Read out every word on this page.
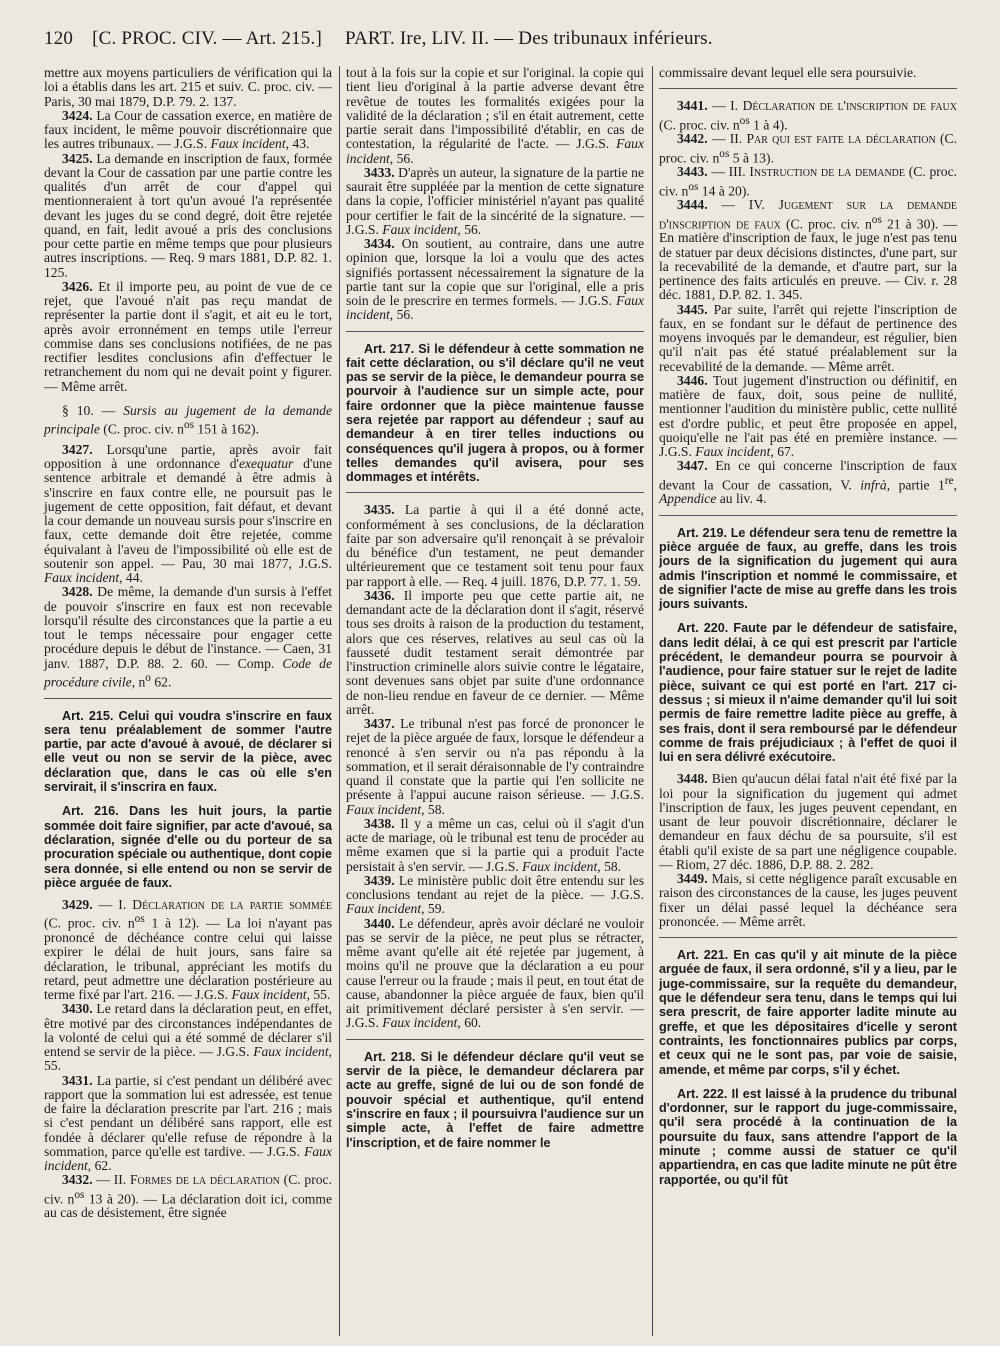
120 [C. PROC. CIV. — Art. 215.] PART. Ire, LIV. II. — Des tribunaux inférieurs.

mettre aux moyens particuliers de vérification qui la loi a établis dans les art. 215 et suiv. C. proc. civ. — Paris, 30 mai 1879, D.P. 79. 2. 137.

3424. La Cour de cassation exerce, en matière de faux incident, le même pouvoir discrétionnaire que les autres tribunaux. — J.G.S. Faux incident, 43.

3425. La demande en inscription de faux, formée devant la Cour de cassation par une partie contre les qualités d'un arrêt de cour d'appel qui mentionneraient à tort qu'un avoué l'a représentée devant les juges du se cond degré, doit être rejetée quand, en fait, ledit avoué a pris des conclusions pour cette partie en même temps que pour plusieurs autres inscriptions. — Req. 9 mars 1881, D.P. 82. 1. 125.

3426. Et il importe peu, au point de vue de ce rejet, que l'avoué n'ait pas reçu mandat de représenter la partie dont il s'agit, et ait eu le tort, après avoir erronnément en temps utile l'erreur commise dans ses conclusions notifiées, de ne pas rectifier lesdites conclusions afin d'effectuer le retranchement du nom qui ne devait point y figurer. — Même arrêt.

§ 10. — Sursis au jugement de la demande principale (C. proc. civ. $n^{os}$ 151 à 162).

3427. Lorsqu'une partie, après avoir fait opposition à une ordonnance d'exequatur d'une sentence arbitrale et demandé à être admis à s'inscrire en faux contre elle, ne poursuit pas le jugement de cette opposition, fait défaut, et devant la cour demande un nouveau sursis pour s'inscrire en faux, cette demande doit être rejetée, comme équivalant à l'aveu de l'impossibilité où elle est de soutenir son appel. — Pau, 30 mai 1877, J.G.S. Faux incident, 44.

3428. De même, la demande d'un sursis à l'effet de pouvoir s'inscrire en faux est non recevable lorsqu'il résulte des circonstances que la partie a eu tout le temps nécessaire pour engager cette procédure depuis le début de l'instance. — Caen, 31 janv. 1887, D.P. 88. 2. 60. — Comp. Code de procédure civile, $n^o$ 62.

Art. 215. Celui qui voudra s'inscrire en faux sera tenu préalablement de sommer l'autre partie, par acte d'avoué à avoué, de déclarer si elle veut ou non se servir de la pièce, avec déclaration que, dans le cas où elle s'en servirait, il s'inscrira en faux.

Art. 216. Dans les huit jours, la partie sommée doit faire signifier, par acte d'avoué, sa déclaration, signée d'elle ou du porteur de sa procuration spéciale ou authentique, dont copie sera donnée, si elle entend ou non se servir de pièce arguée de faux.

3429. — I. Déclaration de la partie sommée (C. proc. civ. $n^{os}$ 1 à 12). — La loi n'ayant pas prononcé de déchéance contre celui qui laisse expirer le délai de huit jours, sans faire sa déclaration, le tribunal, appréciant les motifs du retard, peut admettre une déclaration postérieure au terme fixé par l'art. 216. — J.G.S. Faux incident, 55.

3430. Le retard dans la déclaration peut, en effet, être motivé par des circonstances indépendantes de la volonté de celui qui a été sommé de déclarer s'il entend se servir de la pièce. — J.G.S. Faux incident, 55.

3431. La partie, si c'est pendant un délibéré avec rapport que la sommation lui est adressée, est tenue de faire la déclaration prescrite par l'art. 216 ; mais si c'est pendant un délibéré sans rapport, elle est fondée à déclarer qu'elle refuse de répondre à la sommation, parce qu'elle est tardive. — J.G.S. Faux incident, 62.

3432. — II. Formes de la déclaration (C. proc. civ. $n^{os}$ 13 à 20). — La déclaration doit ici, comme au cas de désistement, être signée

tout à la fois sur la copie et sur l'original. la copie qui tient lieu d'original à la partie adverse devant être revêtue de toutes les formalités exigées pour la validité de la déclaration ; s'il en était autrement, cette partie serait dans l'impossibilité d'établir, en cas de contestation, la régularité de l'acte. — J.G.S. Faux incident, 56.

3433. D'après un auteur, la signature de la partie ne saurait être suppléée par la mention de cette signature dans la copie, l'officier ministériel n'ayant pas qualité pour certifier le fait de la sincérité de la signature. — J.G.S. Faux incident, 56.

3434. On soutient, au contraire, dans une autre opinion que, lorsque la loi a voulu que des actes signifiés portassent nécessairement la signature de la partie tant sur la copie que sur l'original, elle a pris soin de le prescrire en termes formels. — J.G.S. Faux incident, 56.

Art. 217. Si le défendeur à cette sommation ne fait cette déclaration, ou s'il déclare qu'il ne veut pas se servir de la pièce, le demandeur pourra se pourvoir à l'audience sur un simple acte, pour faire ordonner que la pièce maintenue fausse sera rejetée par rapport au défendeur ; sauf au demandeur à en tirer telles inductions ou conséquences qu'il jugera à propos, ou à former telles demandes qu'il avisera, pour ses dommages et intérêts.

3435. La partie à qui il a été donné acte, conformément à ses conclusions, de la déclaration faite par son adversaire qu'il renonçait à se prévaloir du bénéfice d'un testament, ne peut demander ultérieurement que ce testament soit tenu pour faux par rapport à elle. — Req. 4 juill. 1876, D.P. 77. 1. 59.

3436. Il importe peu que cette partie ait, ne demandant acte de la déclaration dont il s'agit, réservé tous ses droits à raison de la production du testament, alors que ces réserves, relatives au seul cas où la fausseté dudit testament serait démontrée par l'instruction criminelle alors suivie contre le légataire, sont devenues sans objet par suite d'une ordonnance de non-lieu rendue en faveur de ce dernier. — Même arrêt.

3437. Le tribunal n'est pas forcé de prononcer le rejet de la pièce arguée de faux, lorsque le défendeur a renoncé à s'en servir ou n'a pas répondu à la sommation, et il serait déraisonnable de l'y contraindre quand il constate que la partie qui l'en sollicite ne présente à l'appui aucune raison sérieuse. — J.G.S. Faux incident, 58.

3438. Il y a même un cas, celui où il s'agit d'un acte de mariage, où le tribunal est tenu de procéder au même examen que si la partie qui a produit l'acte persistait à s'en servir. — J.G.S. Faux incident, 58.

3439. Le ministère public doit être entendu sur les conclusions tendant au rejet de la pièce. — J.G.S. Faux incident, 59.

3440. Le défendeur, après avoir déclaré ne vouloir pas se servir de la pièce, ne peut plus se rétracter, même avant qu'elle ait été rejetée par jugement, à moins qu'il ne prouve que la déclaration a eu pour cause l'erreur ou la fraude ; mais il peut, en tout état de cause, abandonner la pièce arguée de faux, bien qu'il ait primitivement déclaré persister à s'en servir. — J.G.S. Faux incident, 60.

Art. 218. Si le défendeur déclare qu'il veut se servir de la pièce, le demandeur déclarera par acte au greffe, signé de lui ou de son fondé de pouvoir spécial et authentique, qu'il entend s'inscrire en faux ; il poursuivra l'audience sur un simple acte, à l'effet de faire admettre l'inscription, et de faire nommer le

commissaire devant lequel elle sera poursuivie.

3441. — I. Déclaration de l'inscription de faux (C. proc. civ. $n^{os}$ 1 à 4).

3442. — II. Par qui est faite la déclaration (C. proc. civ. $n^{os}$ 5 à 13).

3443. — III. Instruction de la demande (C. proc. civ. $n^{os}$ 14 à 20).

3444. — IV. Jugement sur la demande d'inscription de faux (C. proc. civ. $n^{os}$ 21 à 30). — En matière d'inscription de faux, le juge n'est pas tenu de statuer par deux décisions distinctes, d'une part, sur la recevabilité de la demande, et d'autre part, sur la pertinence des faits articulés en preuve. — Civ. r. 28 déc. 1881, D.P. 82. 1. 345.

3445. Par suite, l'arrêt qui rejette l'inscription de faux, en se fondant sur le défaut de pertinence des moyens invoqués par le demandeur, est régulier, bien qu'il n'ait pas été statué préalablement sur la recevabilité de la demande. — Même arrêt.

3446. Tout jugement d'instruction ou définitif, en matière de faux, doit, sous peine de nullité, mentionner l'audition du ministère public, cette nullité est d'ordre public, et peut être proposée en appel, quoiqu'elle ne l'ait pas été en première instance. — J.G.S. Faux incident, 67.

3447. En ce qui concerne l'inscription de faux devant la Cour de cassation, V. infrà, partie 1re, Appendice au liv. 4.

Art. 219. Le défendeur sera tenu de remettre la pièce arguée de faux, au greffe, dans les trois jours de la signification du jugement qui aura admis l'inscription et nommé le commissaire, et de signifier l'acte de mise au greffe dans les trois jours suivants.

Art. 220. Faute par le défendeur de satisfaire, dans ledit délai, à ce qui est prescrit par l'article précédent, le demandeur pourra se pourvoir à l'audience, pour faire statuer sur le rejet de ladite pièce, suivant ce qui est porté en l'art. 217 ci-dessus ; si mieux il n'aime demander qu'il lui soit permis de faire remettre ladite pièce au greffe, à ses frais, dont il sera remboursé par le défendeur comme de frais préjudiciaux ; à l'effet de quoi il lui en sera délivré exécutoire.

3448. Bien qu'aucun délai fatal n'ait été fixé par la loi pour la signification du jugement qui admet l'inscription de faux, les juges peuvent cependant, en usant de leur pouvoir discrétionnaire, déclarer le demandeur en faux déchu de sa poursuite, s'il est établi qu'il existe de sa part une négligence coupable. — Riom, 27 déc. 1886, D.P. 88. 2. 282.

3449. Mais, si cette négligence paraît excusable en raison des circonstances de la cause, les juges peuvent fixer un délai passé lequel la déchéance sera prononcée. — Même arrêt.

Art. 221. En cas qu'il y ait minute de la pièce arguée de faux, il sera ordonné, s'il y a lieu, par le juge-commissaire, sur la requête du demandeur, que le défendeur sera tenu, dans le temps qui lui sera prescrit, de faire apporter ladite minute au greffe, et que les dépositaires d'icelle y seront contraints, les fonctionnaires publics par corps, et ceux qui ne le sont pas, par voie de saisie, amende, et même par corps, s'il y échet.

Art. 222. Il est laissé à la prudence du tribunal d'ordonner, sur le rapport du juge-commissaire, qu'il sera procédé à la continuation de la poursuite du faux, sans attendre l'apport de la minute ; comme aussi de statuer ce qu'il appartiendra, en cas que ladite minute ne pût être rapportée, ou qu'il fût
